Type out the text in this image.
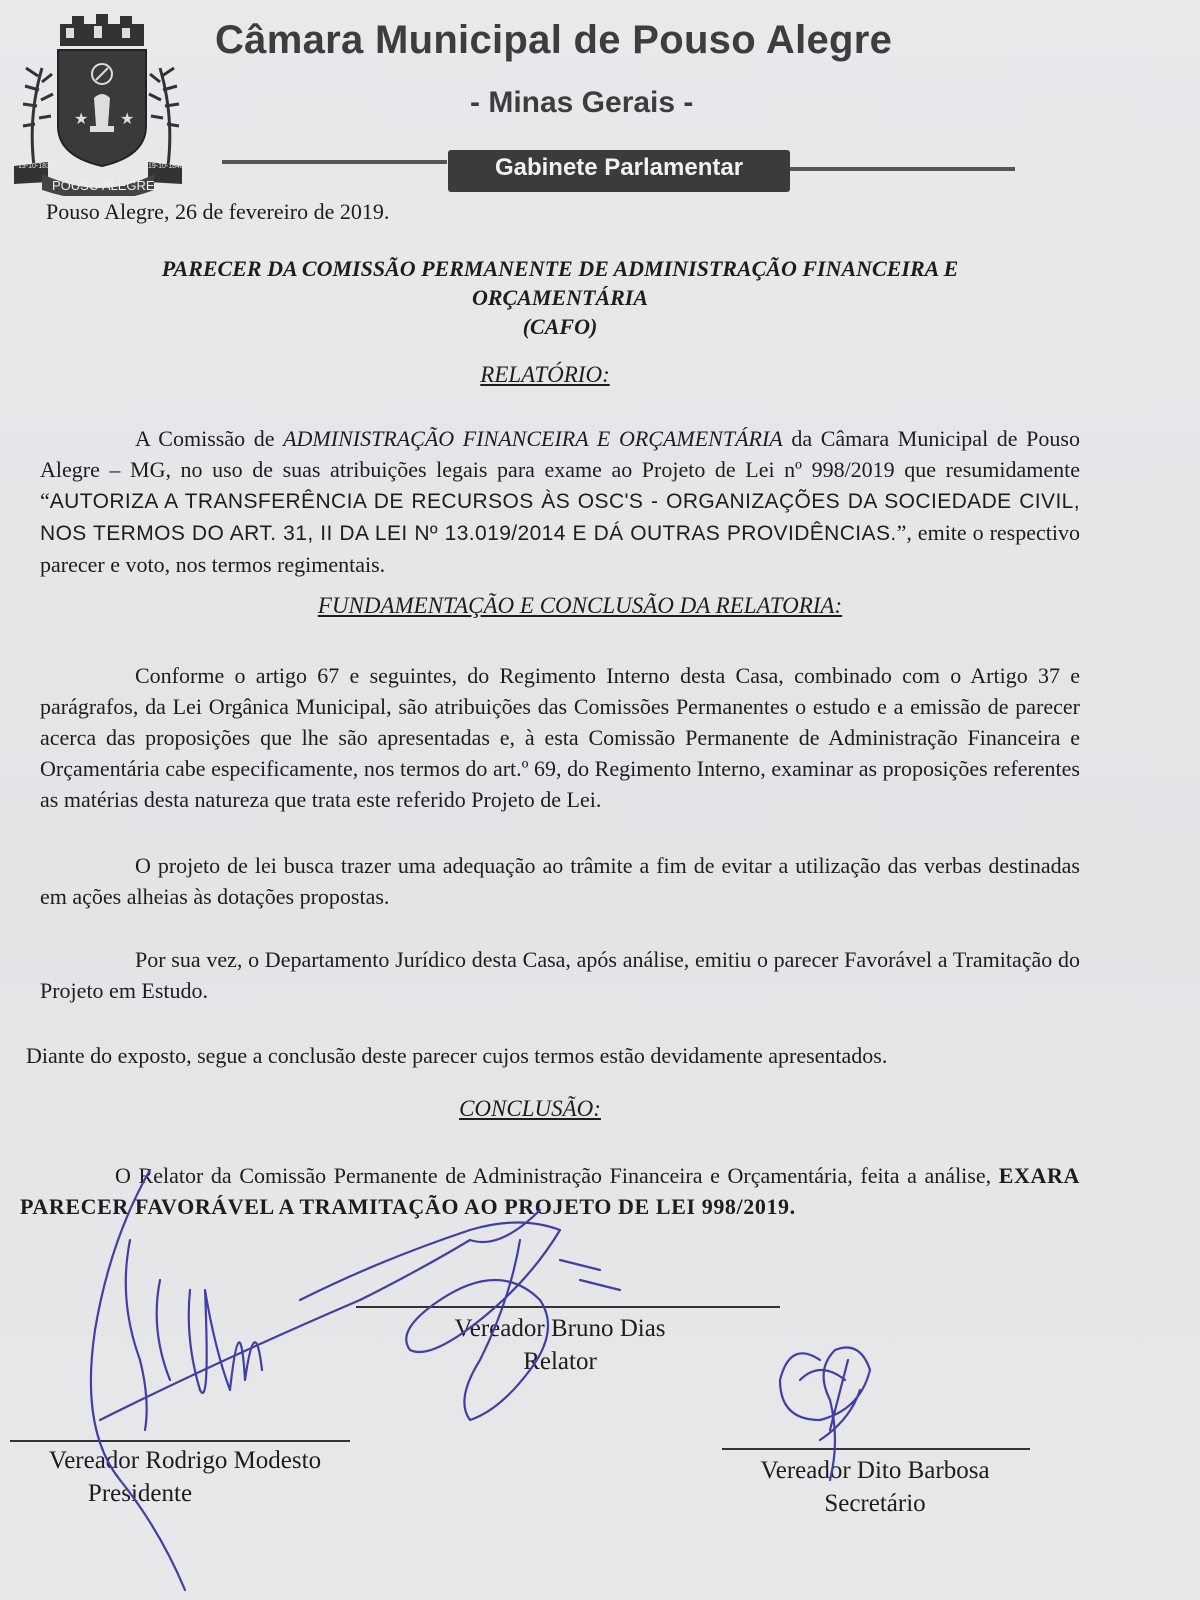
★ ★
13-10-1831	19-10-1848
POUSO ALEGRE
Câmara Municipal de Pouso Alegre
- Minas Gerais -
Gabinete Parlamentar
Pouso Alegre, 26 de fevereiro de 2019.
PARECER DA COMISSÃO PERMANENTE DE ADMINISTRAÇÃO FINANCEIRA E
ORÇAMENTÁRIA
(CAFO)
RELATÓRIO:
A Comissão de ADMINISTRAÇÃO FINANCEIRA E ORÇAMENTÁRIA da Câmara Municipal de Pouso Alegre – MG, no uso de suas atribuições legais para exame ao Projeto de Lei nº 998/2019 que resumidamente “AUTORIZA A TRANSFERÊNCIA DE RECURSOS ÀS OSC'S - ORGANIZAÇÕES DA SOCIEDADE CIVIL, NOS TERMOS DO ART. 31, II DA LEI Nº 13.019/2014 E DÁ OUTRAS PROVIDÊNCIAS.”, emite o respectivo parecer e voto, nos termos regimentais.
FUNDAMENTAÇÃO E CONCLUSÃO DA RELATORIA:
Conforme o artigo 67 e seguintes, do Regimento Interno desta Casa, combinado com o Artigo 37 e parágrafos, da Lei Orgânica Municipal, são atribuições das Comissões Permanentes o estudo e a emissão de parecer acerca das proposições que lhe são apresentadas e, à esta Comissão Permanente de Administração Financeira e Orçamentária cabe especificamente, nos termos do art.º 69, do Regimento Interno, examinar as proposições referentes as matérias desta natureza que trata este referido Projeto de Lei.
O projeto de lei busca trazer uma adequação ao trâmite a fim de evitar a utilização das verbas destinadas em ações alheias às dotações propostas.
Por sua vez, o Departamento Jurídico desta Casa, após análise, emitiu o parecer Favorável a Tramitação do Projeto em Estudo.
Diante do exposto, segue a conclusão deste parecer cujos termos estão devidamente apresentados.
CONCLUSÃO:
O Relator da Comissão Permanente de Administração Financeira e Orçamentária, feita a análise, EXARA PARECER FAVORÁVEL A TRAMITAÇÃO AO PROJETO DE LEI 998/2019.
Vereador Bruno Dias
Relator
Vereador Rodrigo Modesto
Presidente
Vereador Dito Barbosa
Secretário
